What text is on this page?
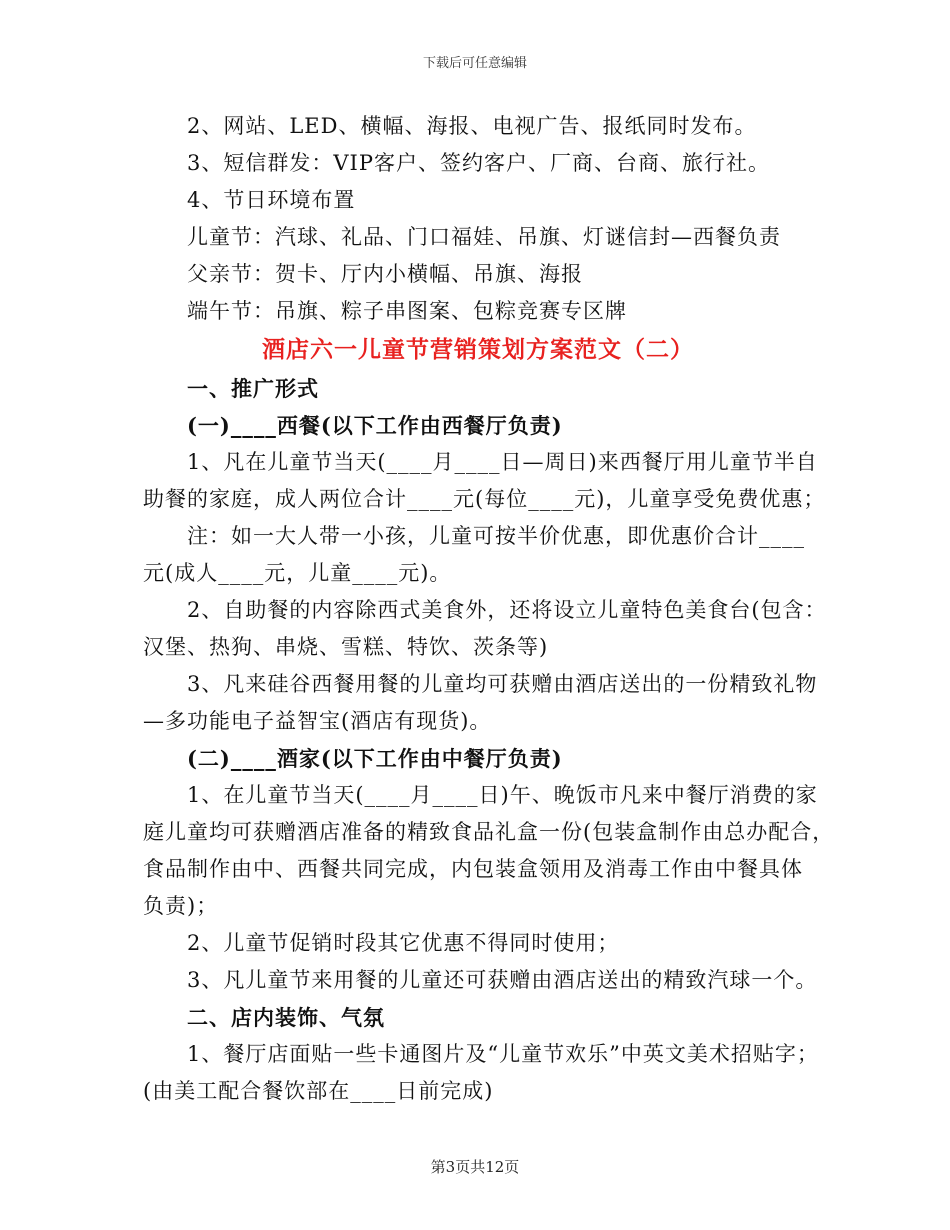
下载后可任意编辑
2、网站、LED、横幅、海报、电视广告、报纸同时发布。
3、短信群发：VIP客户、签约客户、厂商、台商、旅行社。
4、节日环境布置
儿童节：汽球、礼品、门口福娃、吊旗、灯谜信封—西餐负责
父亲节：贺卡、厅内小横幅、吊旗、海报
端午节：吊旗、粽子串图案、包粽竞赛专区牌
酒店六一儿童节营销策划方案范文（二）
一、推广形式
(一)____西餐(以下工作由西餐厅负责)
1、凡在儿童节当天(____月____日—周日)来西餐厅用儿童节半自
助餐的家庭，成人两位合计____元(每位____元)，儿童享受免费优惠；
注：如一大人带一小孩，儿童可按半价优惠，即优惠价合计____
元(成人____元，儿童____元)。
2、自助餐的内容除西式美食外，还将设立儿童特色美食台(包含：
汉堡、热狗、串烧、雪糕、特饮、茨条等)
3、凡来硅谷西餐用餐的儿童均可获赠由酒店送出的一份精致礼物
—多功能电子益智宝(酒店有现货)。
(二)____酒家(以下工作由中餐厅负责)
1、在儿童节当天(____月____日)午、晚饭市凡来中餐厅消费的家
庭儿童均可获赠酒店准备的精致食品礼盒一份(包装盒制作由总办配合，
食品制作由中、西餐共同完成，内包装盒领用及消毒工作由中餐具体
负责)；
2、儿童节促销时段其它优惠不得同时使用；
3、凡儿童节来用餐的儿童还可获赠由酒店送出的精致汽球一个。
二、店内装饰、气氛
1、餐厅店面贴一些卡通图片及“儿童节欢乐”中英文美术招贴字；
(由美工配合餐饮部在____日前完成)
第3页共12页
